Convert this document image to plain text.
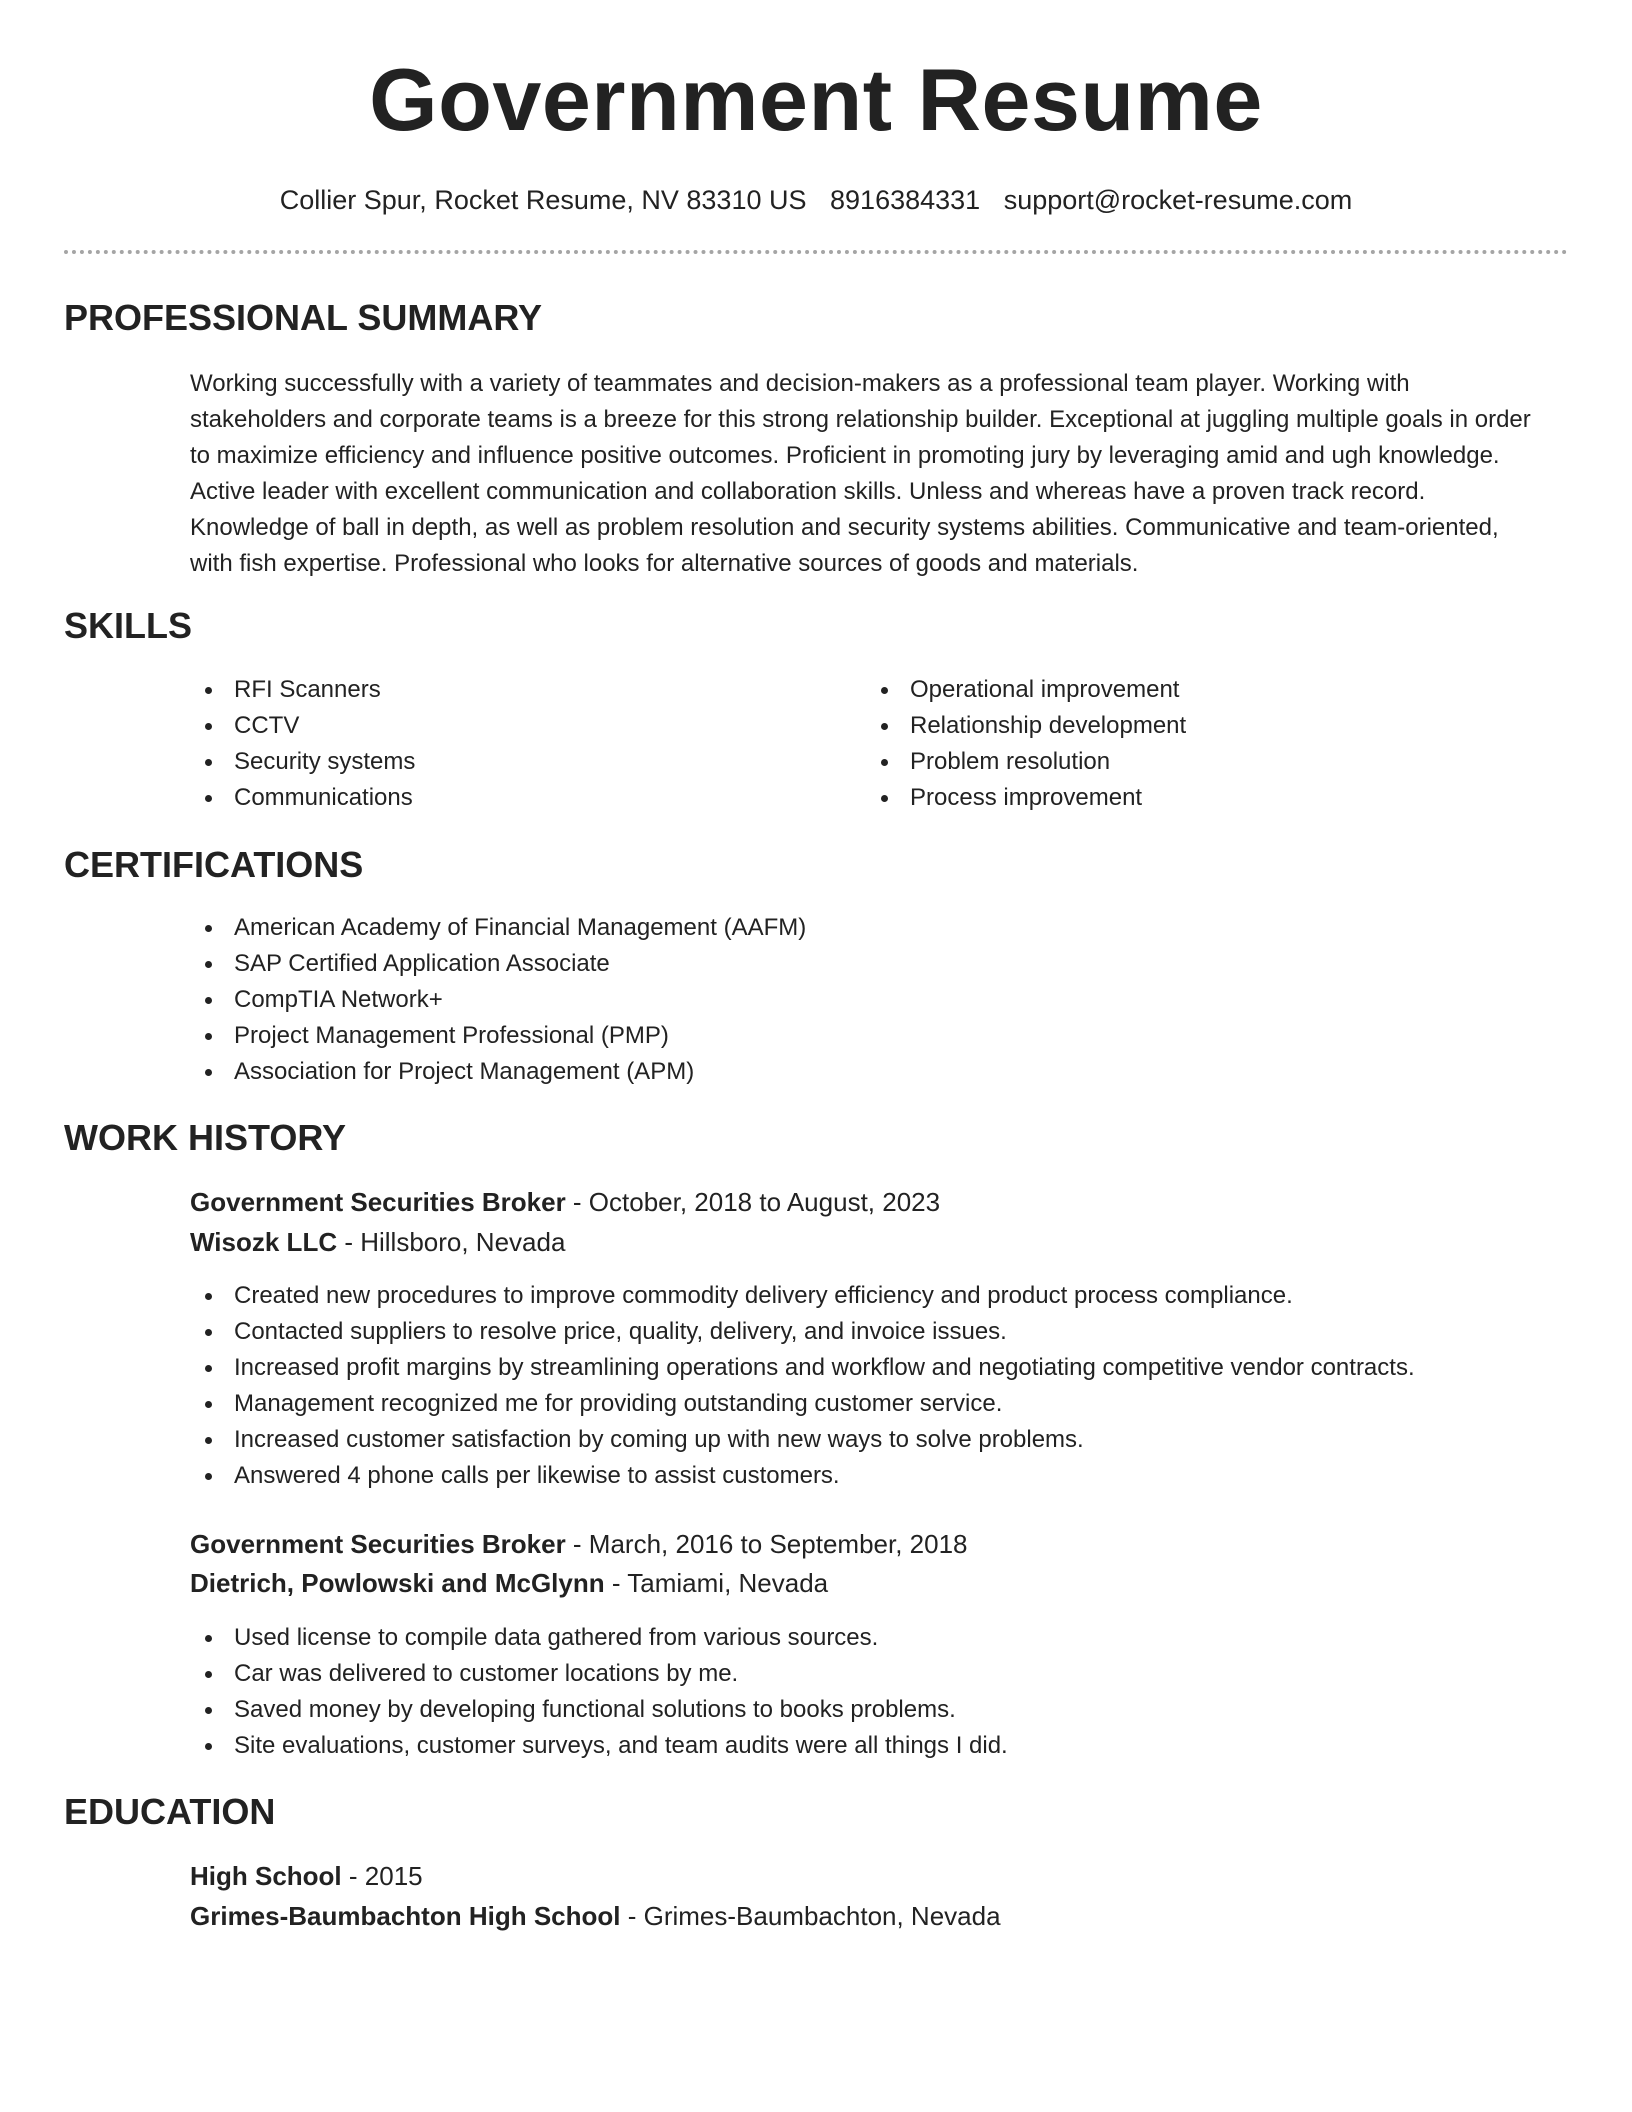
Government Resume
Collier Spur, Rocket Resume, NV 83310 US 8916384331 support@rocket-resume.com
PROFESSIONAL SUMMARY

Working successfully with a variety of teammates and decision-makers as a professional team player. Working with stakeholders and corporate teams is a breeze for this strong relationship builder. Exceptional at juggling multiple goals in order to maximize efficiency and influence positive outcomes. Proficient in promoting jury by leveraging amid and ugh knowledge. Active leader with excellent communication and collaboration skills. Unless and whereas have a proven track record. Knowledge of ball in depth, as well as problem resolution and security systems abilities. Communicative and team-oriented, with fish expertise. Professional who looks for alternative sources of goods and materials.

SKILLS
RFI Scanners
CCTV
Security systems
Communications
Operational improvement
Relationship development
Problem resolution
Process improvement
CERTIFICATIONS
American Academy of Financial Management (AAFM)
SAP Certified Application Associate
CompTIA Network+
Project Management Professional (PMP)
Association for Project Management (APM)
WORK HISTORY
Government Securities Broker - October, 2018 to August, 2023
Wisozk LLC - Hillsboro, Nevada
Created new procedures to improve commodity delivery efficiency and product process compliance.
Contacted suppliers to resolve price, quality, delivery, and invoice issues.
Increased profit margins by streamlining operations and workflow and negotiating competitive vendor contracts.
Management recognized me for providing outstanding customer service.
Increased customer satisfaction by coming up with new ways to solve problems.
Answered 4 phone calls per likewise to assist customers.
Government Securities Broker - March, 2016 to September, 2018
Dietrich, Powlowski and McGlynn - Tamiami, Nevada
Used license to compile data gathered from various sources.
Car was delivered to customer locations by me.
Saved money by developing functional solutions to books problems.
Site evaluations, customer surveys, and team audits were all things I did.
EDUCATION
High School - 2015
Grimes-Baumbachton High School - Grimes-Baumbachton, Nevada
